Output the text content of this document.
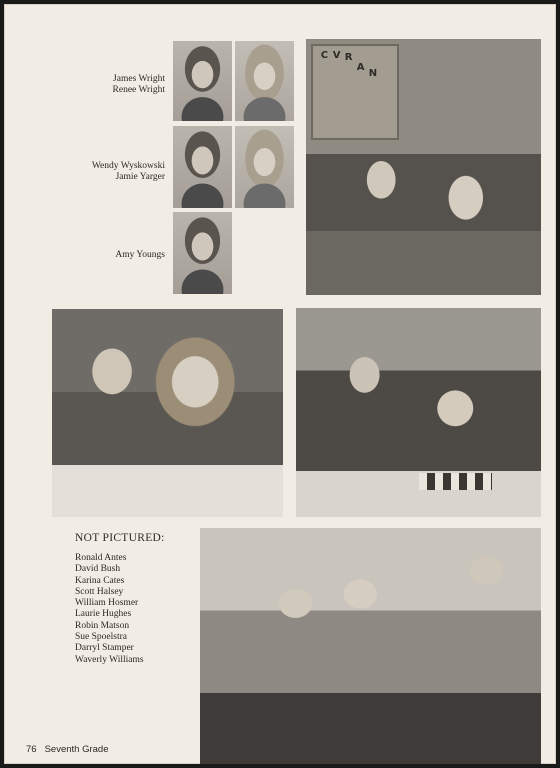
James Wright
Renee Wright
Wendy Wyskowski
Jamie Yarger
Amy Youngs
C V R
A
N
NOT PICTURED:
Ronald Antes
David Bush
Karina Cates
Scott Halsey
William Hosmer
Laurie Hughes
Robin Matson
Sue Spoelstra
Darryl Stamper
Waverly Williams
76 Seventh Grade
